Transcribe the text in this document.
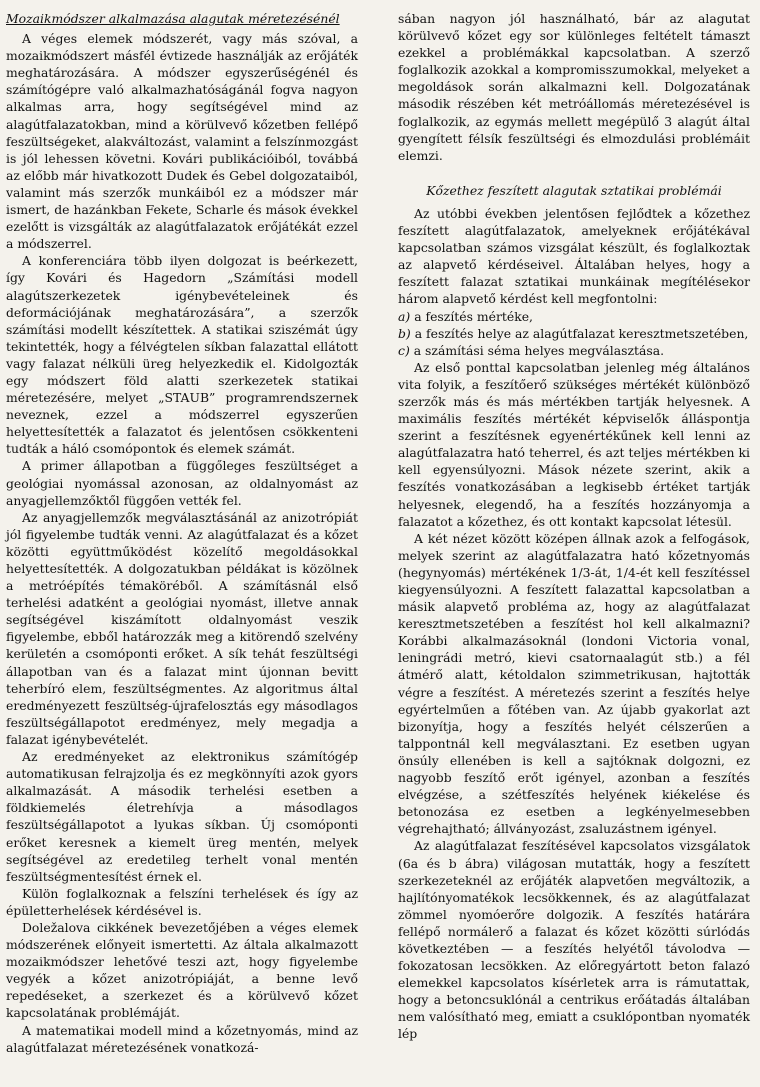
Mozaikmódszer alkalmazása alagutak méretezésénél

A véges elemek módszerét, vagy más szóval, a mozaikmódszert másfél évtizede használják az erőjáték meghatározására. A módszer egyszerűségénél és számítógépre való alkalmazhatóságánál fogva nagyon alkalmas arra, hogy segítségével mind az alagútfalazatokban, mind a körülvevő kőzetben fellépő feszültségeket, alakváltozást, valamint a felszínmozgást is jól lehessen követni. Kovári publikációiból, továbbá az előbb már hivatkozott Dudek és Gebel dolgozataiból, valamint más szerzők munkáiból ez a módszer már ismert, de hazánkban Fekete, Scharle és mások évekkel ezelőtt is vizsgálták az alagútfalazatok erőjátékát ezzel a módszerrel.

A konferenciára több ilyen dolgozat is beérkezett, így Kovári és Hagedorn „Számítási modell alagútszerkezetek igénybevételeinek és deformációjának meghatározására”, a szerzők számítási modellt készítettek. A statikai sziszémát úgy tekintették, hogy a félvégtelen síkban falazattal ellátott vagy falazat nélküli üreg helyezkedik el. Kidolgozták egy módszert föld alatti szerkezetek statikai méretezésére, melyet „STAUB” programrendszernek neveznek, ezzel a módszerrel egyszerűen helyettesítették a falazatot és jelentősen csökkenteni tudták a háló csomópontok és elemek számát.

A primer állapotban a függőleges feszültséget a geológiai nyomással azonosan, az oldalnyomást az anyagjellemzőktől függően vették fel.

Az anyagjellemzők megválasztásánál az anizotrópiát jól figyelembe tudták venni. Az alagútfalazat és a kőzet közötti együttműködést közelítő megoldásokkal helyettesítették. A dolgozatukban példákat is közölnek a metróépítés témaköréből. A számításnál első terhelési adatként a geológiai nyomást, illetve annak segítségével kiszámított oldalnyomást veszik figyelembe, ebből határozzák meg a kitörendő szelvény kerületén a csomóponti erőket. A sík tehát feszültségi állapotban van és a falazat mint újonnan bevitt teherbíró elem, feszültségmentes. Az algoritmus által eredményezett feszültség-újrafelosztás egy másodlagos feszültségállapotot eredményez, mely megadja a falazat igénybevételét.

Az eredményeket az elektronikus számítógép automatikusan felrajzolja és ez megkönnyíti azok gyors alkalmazását. A második terhelési esetben a földkiemelés életrehívja a másodlagos feszültségállapotot a lyukas síkban. Új csomóponti erőket keresnek a kiemelt üreg mentén, melyek segítségével az eredetileg terhelt vonal mentén feszültségmentesítést érnek el.

Külön foglalkoznak a felszíni terhelések és így az épületterhelések kérdésével is.

Doležalova cikkének bevezetőjében a véges elemek módszerének előnyeit ismertetti. Az általa alkalmazott mozaikmódszer lehetővé teszi azt, hogy figyelembe vegyék a kőzet anizotrópiáját, a benne levő repedéseket, a szerkezet és a körülvevő kőzet kapcsolatának problémáját.

A matematikai modell mind a kőzetnyomás, mind az alagútfalazat méretezésének vonatkozá-

sában nagyon jól használható, bár az alagutat körülvevő kőzet egy sor különleges feltételt támaszt ezekkel a problémákkal kapcsolatban. A szerző foglalkozik azokkal a kompromisszumokkal, melyeket a megoldások során alkalmazni kell. Dolgozatának második részében két metróállomás méretezésével is foglalkozik, az egymás mellett megépülő 3 alagút által gyengített félsík feszültségi és elmozdulási problémáit elemzi.

Kőzethez feszített alagutak sztatikai problémái

Az utóbbi években jelentősen fejlődtek a kőzethez feszített alagútfalazatok, amelyeknek erőjátékával kapcsolatban számos vizsgálat készült, és foglalkoztak az alapvető kérdéseivel. Általában helyes, hogy a feszített falazat sztatikai munkáinak megítélésekor három alapvető kérdést kell megfontolni:

a) a feszítés mértéke,

b) a feszítés helye az alagútfalazat keresztmetszetében,

c) a számítási séma helyes megválasztása.

Az első ponttal kapcsolatban jelenleg még általános vita folyik, a feszítőerő szükséges mértékét különböző szerzők más és más mértékben tartják helyesnek. A maximális feszítés mértékét képviselők álláspontja szerint a feszítésnek egyenértékűnek kell lenni az alagútfalazatra ható teherrel, és azt teljes mértékben ki kell egyensúlyozni. Mások nézete szerint, akik a feszítés vonatkozásában a legkisebb értéket tartják helyesnek, elegendő, ha a feszítés hozzányomja a falazatot a kőzethez, és ott kontakt kapcsolat létesül.

A két nézet között középen állnak azok a felfogások, melyek szerint az alagútfalazatra ható kőzetnyomás (hegynyomás) mértékének 1/3-át, 1/4-ét kell feszítéssel kiegyensúlyozni. A feszített falazattal kapcsolatban a másik alapvető probléma az, hogy az alagútfalazat keresztmetszetében a feszítést hol kell alkalmazni? Korábbi alkalmazásoknál (londoni Victoria vonal, leningrádi metró, kievi csatornaalagút stb.) a fél átmérő alatt, kétoldalon szimmetrikusan, hajtották végre a feszítést. A méretezés szerint a feszítés helye egyértelműen a főtében van. Az újabb gyakorlat azt bizonyítja, hogy a feszítés helyét célszerűen a talppontnál kell megválasztani. Ez esetben ugyan önsúly ellenében is kell a sajtóknak dolgozni, ez nagyobb feszítő erőt igényel, azonban a feszítés elvégzése, a szétfeszítés helyének kiékelése és betonozása ez esetben a legkényelmesebben végrehajtható; állványozást, zsaluzástnem igényel.

Az alagútfalazat feszítésével kapcsolatos vizsgálatok (6a és b ábra) világosan mutatták, hogy a feszített szerkezeteknél az erőjáték alapvetően megváltozik, a hajlítónyomatékok lecsökkennek, és az alagútfalazat zömmel nyomóerőre dolgozik. A feszítés határára fellépő normálerő a falazat és kőzet közötti súrlódás következtében — a feszítés helyétől távolodva — fokozatosan lecsökken. Az előregyártott beton falazó elemekkel kapcsolatos kísérletek arra is rámutattak, hogy a betoncsuklónál a centrikus erőátadás általában nem valósítható meg, emiatt a csuklópontban nyomaték lép
